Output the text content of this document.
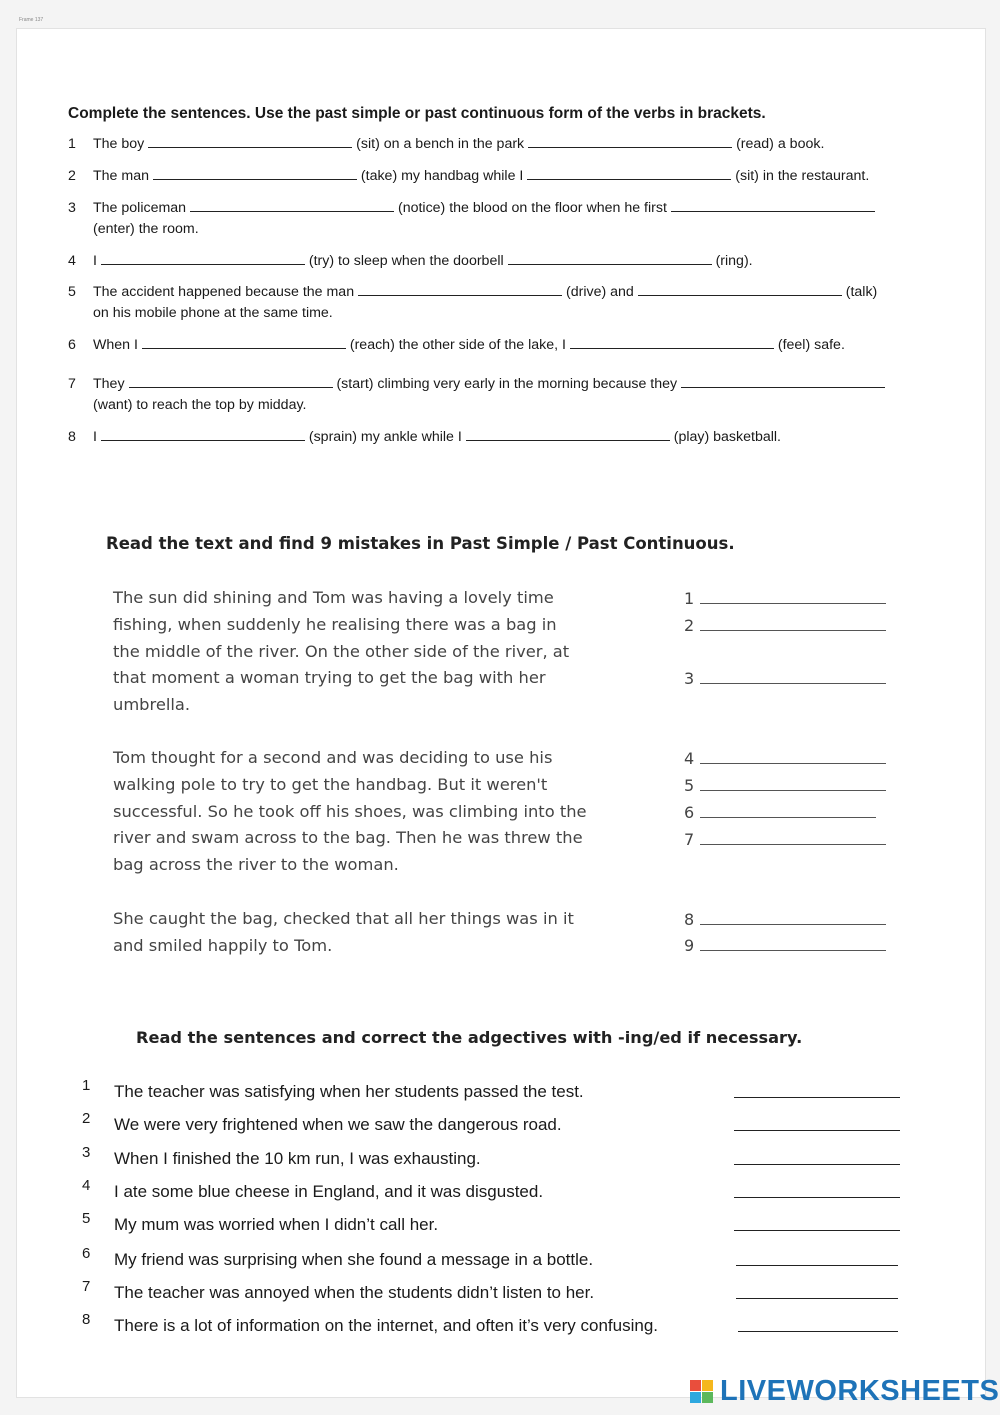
Frame 137
Complete the sentences. Use the past simple or past continuous form of the verbs in brackets.
1	The boy	(sit) on a bench in the park	(read) a book.
2	The man	(take) my handbag while I	(sit) in the restaurant.
3	The policeman	(notice) the blood on the floor when he first
(enter) the room.
4	I	(try) to sleep when the doorbell	(ring).
5	The accident happened because the man	(drive) and	(talk)
on his mobile phone at the same time.
6	When I	(reach) the other side of the lake, I	(feel) safe.
7	They	(start) climbing very early in the morning because they
(want) to reach the top by midday.
8	I	(sprain) my ankle while I	(play) basketball.
Read the text and find 9 mistakes in Past Simple / Past Continuous.
The sun did shining and Tom was having a lovely time
fishing, when suddenly he realising there was a bag in
the middle of the river. On the other side of the river, at
that moment a woman trying to get the bag with her
umbrella.
Tom thought for a second and was deciding to use his
walking pole to try to get the handbag. But it weren't
successful. So he took off his shoes, was climbing into the
river and swam across to the bag. Then he was threw the
bag across the river to the woman.
She caught the bag, checked that all her things was in it
and smiled happily to Tom.
1
2
3
4
5
6
7
8
9
Read the sentences and correct the adgectives with -ing/ed if necessary.
1 The teacher was satisfying when her students passed the test.
2 We were very frightened when we saw the dangerous road.
3 When I finished the 10 km run, I was exhausting.
4 I ate some blue cheese in England, and it was disgusted.
5 My mum was worried when I didn’t call her.
6 My friend was surprising when she found a message in a bottle.
7 The teacher was annoyed when the students didn’t listen to her.
8 There is a lot of information on the internet, and often it’s very confusing.
LIVEWORKSHEETS
